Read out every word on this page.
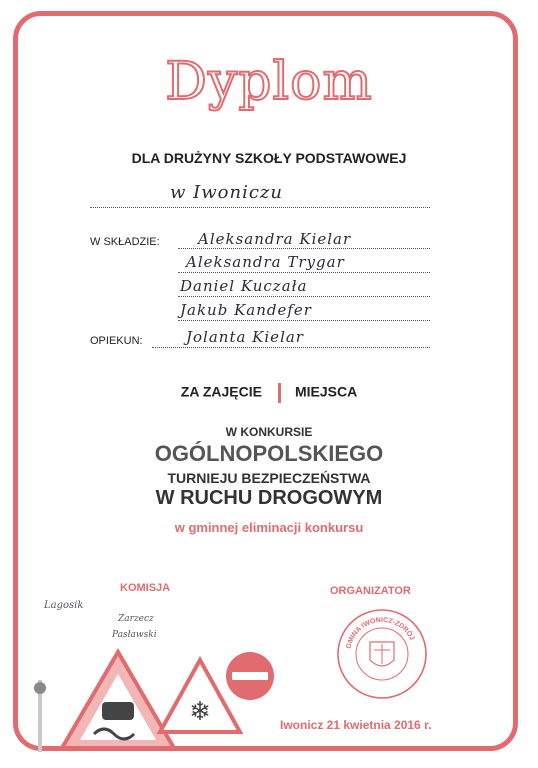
Dyplom
DLA DRUŻYNY SZKOŁY PODSTAWOWEJ
w Iwoniczu
W SKŁADZIE:	Aleksandra Kielar
Aleksandra Trygar
Daniel Kuczała
Jakub Kandefer
OPIEKUN:	Jolanta Kielar
ZA ZAJĘCIE MIEJSCA
W KONKURSIE
OGÓLNOPOLSKIEGO
TURNIEJU BEZPIECZEŃSTWA
W RUCHU DROGOWYM
w gminnej eliminacji konkursu
KOMISJA
Lagosik
Zarzecz
Pasławski
ORGANIZATOR
GMINA IWONICZ-ZDRÓJ
❄	Iwonicz 21 kwietnia 2016 r.
